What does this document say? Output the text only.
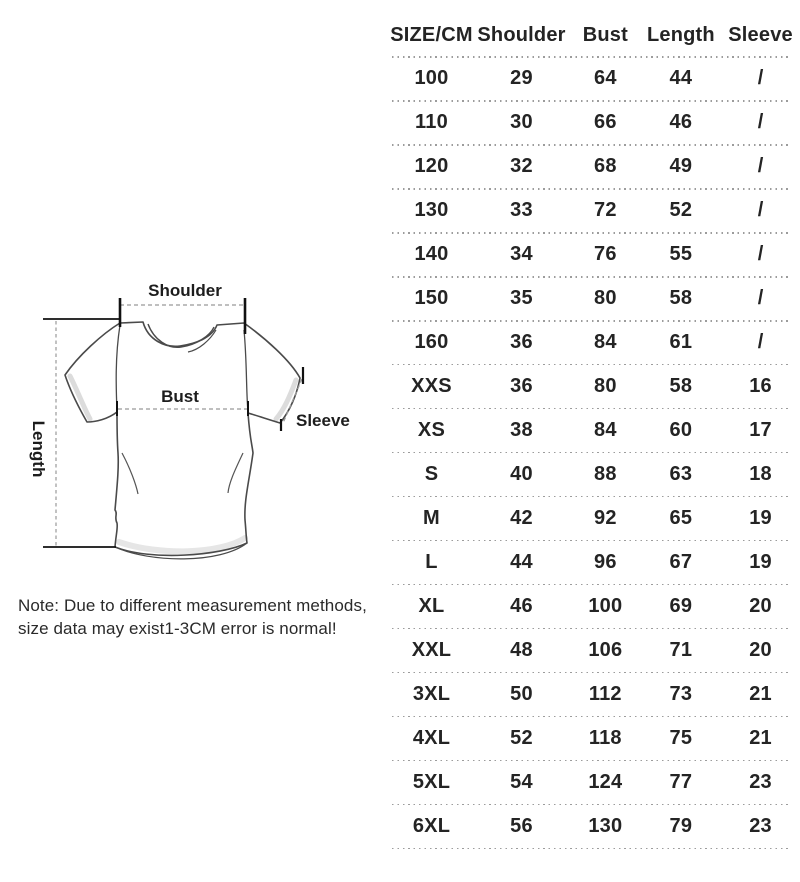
Shoulder
Bust
Length
Sleeve
Note: Due to different measurement methods,
size data may exist1-3CM error is normal!
SIZE/CM Shoulder Bust Length Sleeve
100	29	64	44	/
110	30	66	46	/
120	32	68	49	/
130	33	72	52	/
140	34	76	55	/
150	35	80	58	/
160	36	84	61	/
XXS	36	80	58	16
XS	38	84	60	17
S	40	88	63	18
M	42	92	65	19
L	44	96	67	19
XL	46	100	69	20
XXL	48	106	71	20
3XL	50	112	73	21
4XL	52	118	75	21
5XL	54	124	77	23
6XL	56	130	79	23
